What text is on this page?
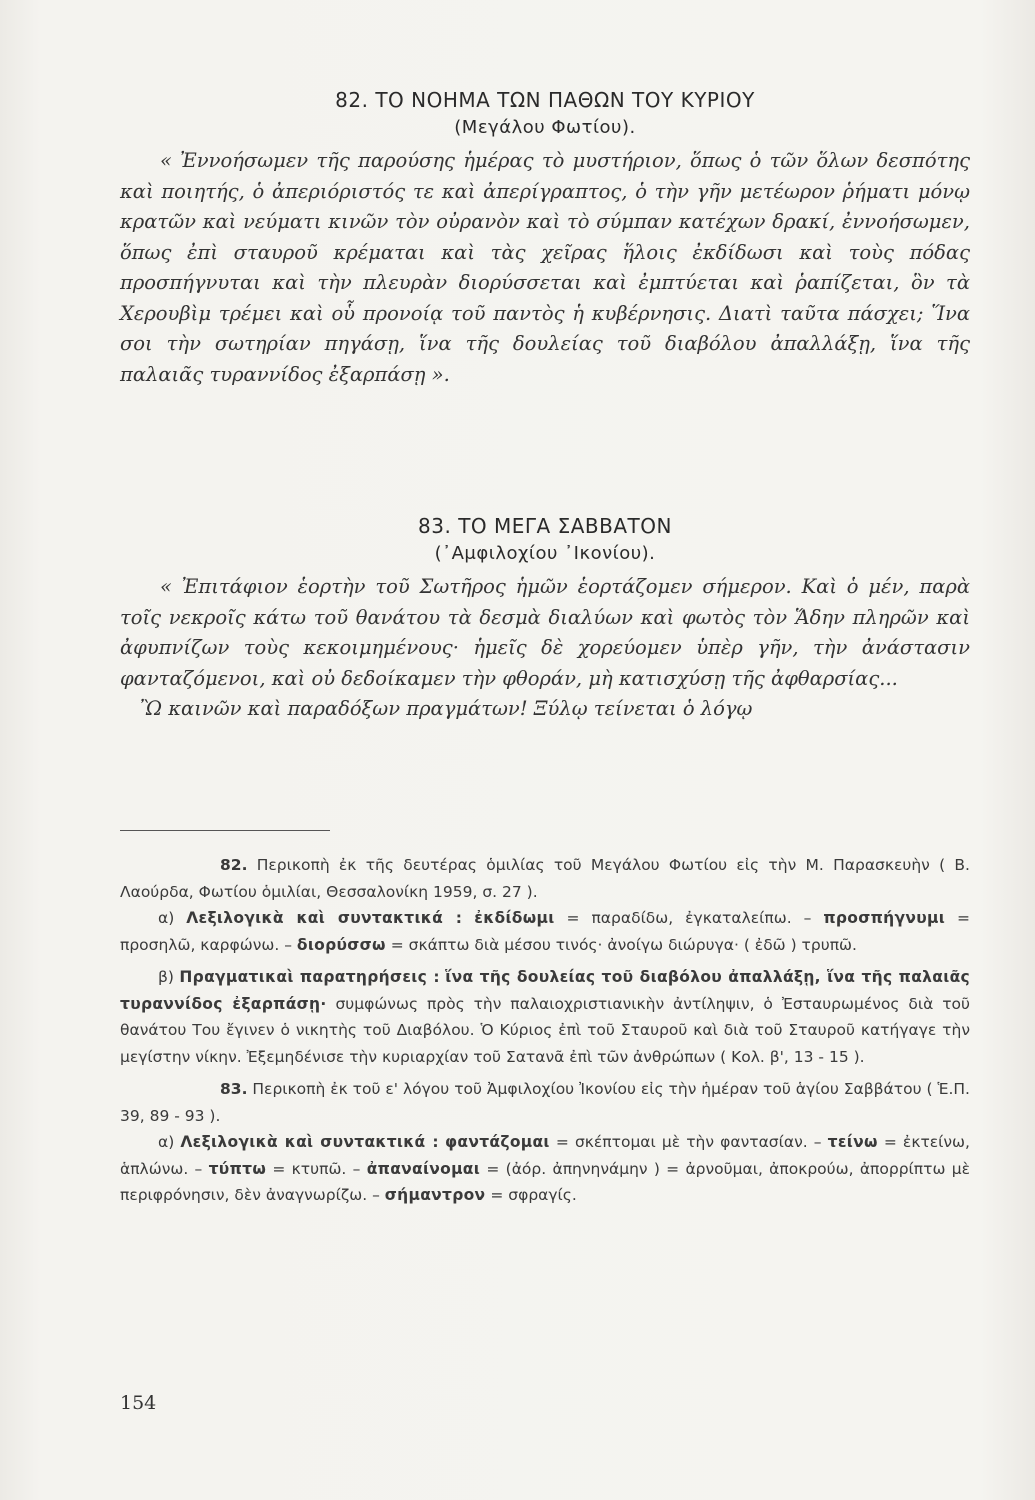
82. ΤΟ ΝΟΗΜΑ ΤΩΝ ΠΑΘΩΝ ΤΟΥ ΚΥΡΙΟΥ

(Μεγάλου Φωτίου).

« Ἐννοήσωμεν τῆς παρούσης ἡμέρας τὸ μυστήριον, ὅπως ὁ τῶν ὅλων δεσπότης καὶ ποιητής, ὁ ἀπεριόριστός τε καὶ ἀπερίγραπτος, ὁ τὴν γῆν μετέωρον ῥήματι μόνῳ κρατῶν καὶ νεύματι κινῶν τὸν οὐρανὸν καὶ τὸ σύμπαν κατέχων δρακί, ἐννοήσωμεν, ὅπως ἐπὶ σταυροῦ κρέμαται καὶ τὰς χεῖρας ἥλοις ἐκδίδωσι καὶ τοὺς πόδας προσπήγνυται καὶ τὴν πλευρὰν διορύσσεται καὶ ἐμπτύεται καὶ ῥαπίζεται, ὃν τὰ Χερουβὶμ τρέμει καὶ οὗ προνοίᾳ τοῦ παντὸς ἡ κυβέρνησις. Διατὶ ταῦτα πάσχει; Ἵνα σοι τὴν σωτηρίαν πηγάσῃ, ἵνα τῆς δουλείας τοῦ διαβόλου ἀπαλλάξῃ, ἵνα τῆς παλαιᾶς τυραννίδος ἐξαρπάσῃ ».

83. ΤΟ ΜΕΓΑ ΣΑΒΒΑΤΟΝ

(᾿Αμφιλοχίου ᾿Ικονίου).

« Ἐπιτάφιον ἑορτὴν τοῦ Σωτῆρος ἡμῶν ἑορτάζομεν σήμερον. Καὶ ὁ μέν, παρὰ τοῖς νεκροῖς κάτω τοῦ θανάτου τὰ δεσμὰ διαλύων καὶ φωτὸς τὸν Ἅδην πληρῶν καὶ ἀφυπνίζων τοὺς κεκοιμημένους· ἡμεῖς δὲ χορεύομεν ὑπὲρ γῆν, τὴν ἀνάστασιν φανταζόμενοι, καὶ οὐ δεδοίκαμεν τὴν φθοράν, μὴ κατισχύσῃ τῆς ἀφθαρσίας...
Ὢ καινῶν καὶ παραδόξων πραγμάτων! Ξύλῳ τείνεται ὁ λόγῳ

82. Περικοπὴ ἐκ τῆς δευτέρας ὁμιλίας τοῦ Μεγάλου Φωτίου εἰς τὴν Μ. Παρασκευὴν ( Β. Λαούρδα, Φωτίου ὁμιλίαι, Θεσσαλονίκη 1959, σ. 27 ).

α) Λεξιλογικὰ καὶ συντακτικά : ἐκδίδωμι = παραδίδω, ἐγκαταλείπω. – προσπήγνυμι = προσηλῶ, καρφώνω. – διορύσσω = σκάπτω διὰ μέσου τινός· ἀνοίγω διώρυγα· ( ἐδῶ ) τρυπῶ.

β) Πραγματικαὶ παρατηρήσεις : ἵνα τῆς δουλείας τοῦ διαβόλου ἀπαλλάξῃ, ἵνα τῆς παλαιᾶς τυραννίδος ἐξαρπάσῃ· συμφώνως πρὸς τὴν παλαιοχριστιανικὴν ἀντίληψιν, ὁ Ἐσταυρωμένος διὰ τοῦ θανάτου Του ἔγινεν ὁ νικητὴς τοῦ Διαβόλου. Ὁ Κύριος ἐπὶ τοῦ Σταυροῦ καὶ διὰ τοῦ Σταυροῦ κατήγαγε τὴν μεγίστην νίκην. Ἐξεμηδένισε τὴν κυριαρχίαν τοῦ Σατανᾶ ἐπὶ τῶν ἀνθρώπων ( Κολ. β', 13 - 15 ).

83. Περικοπὴ ἐκ τοῦ ε' λόγου τοῦ Ἀμφιλοχίου Ἰκονίου εἰς τὴν ἡμέραν τοῦ ἁγίου Σαββάτου ( Ἑ.Π. 39, 89 - 93 ).

α) Λεξιλογικὰ καὶ συντακτικά : φαντάζομαι = σκέπτομαι μὲ τὴν φαντασίαν. – τείνω = ἐκτείνω, ἁπλώνω. – τύπτω = κτυπῶ. – ἀπαναίνομαι = (ἀόρ. ἀπηνηνάμην ) = ἀρνοῦμαι, ἀποκρούω, ἀπορρίπτω μὲ περιφρόνησιν, δὲν ἀναγνωρίζω. – σήμαντρον = σφραγίς.

154
